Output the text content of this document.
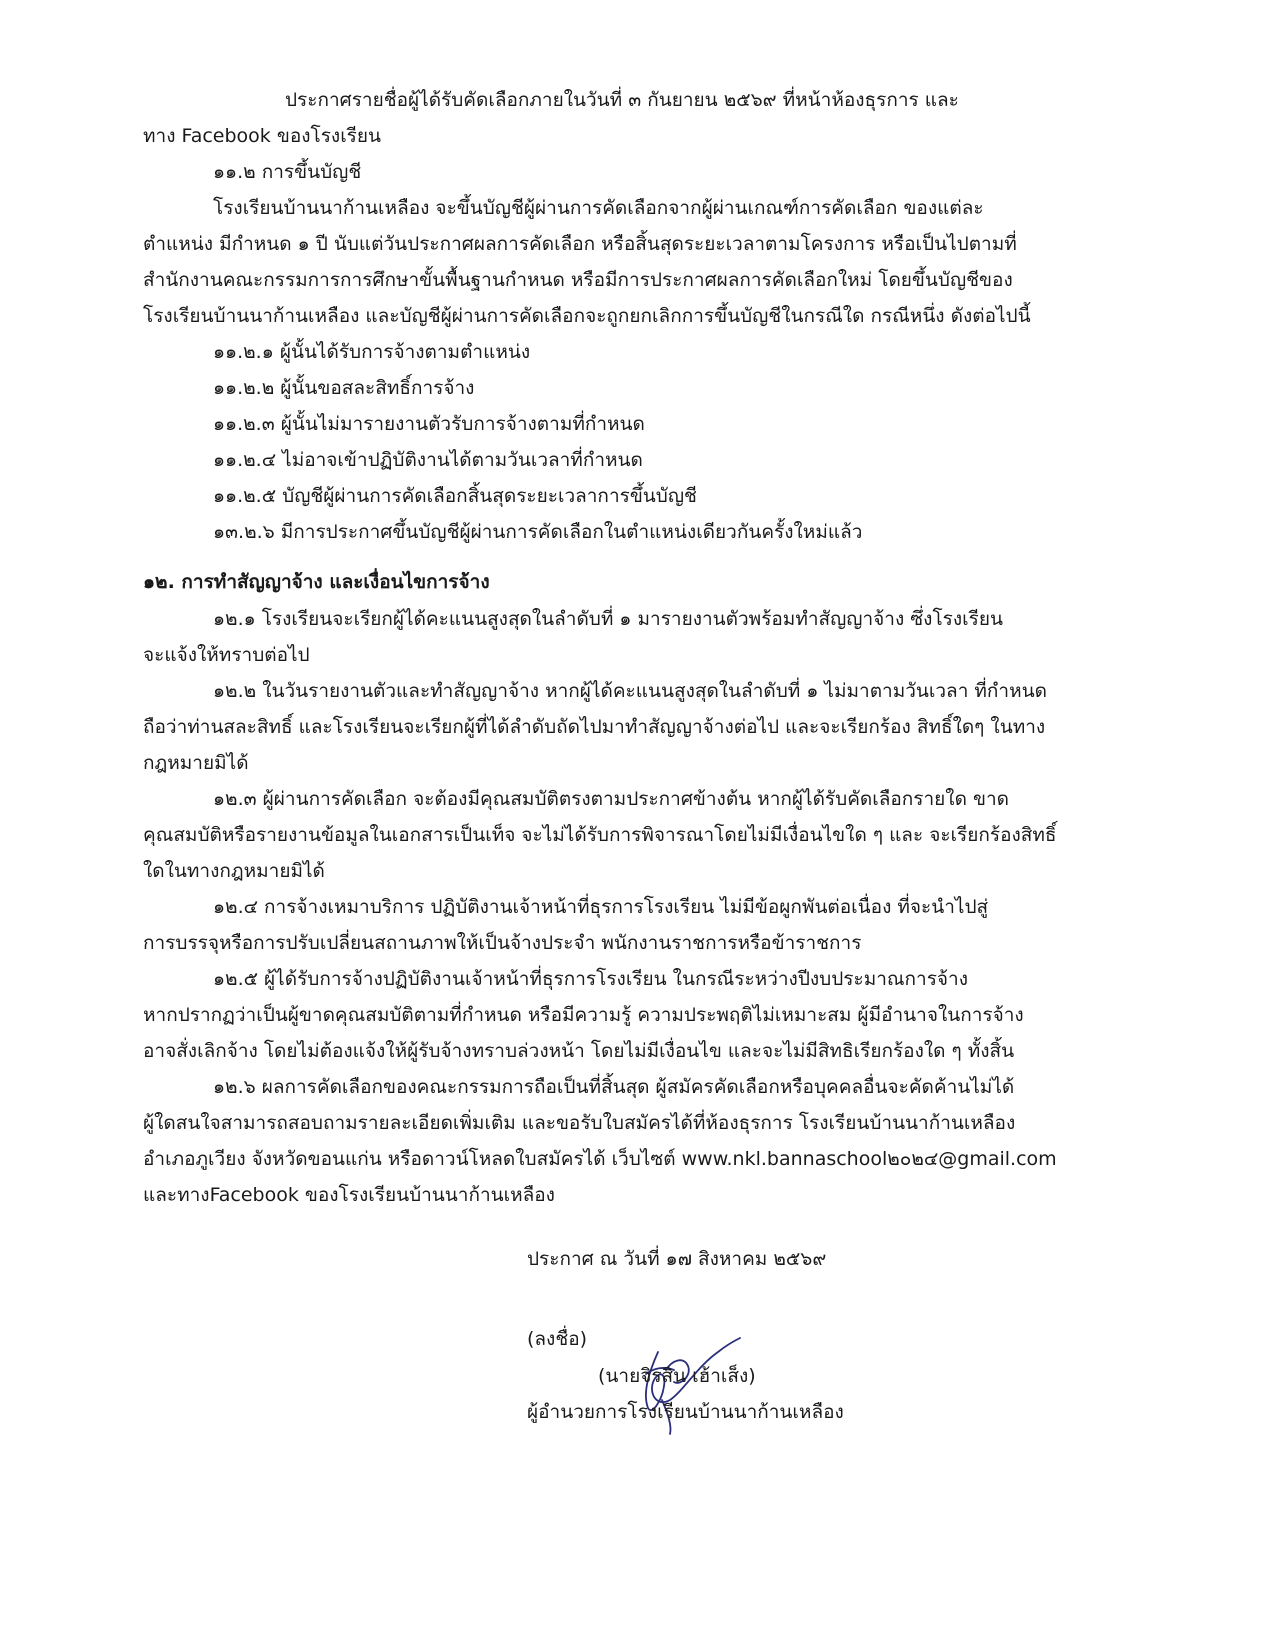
ประกาศรายชื่อผู้ได้รับคัดเลือกภายในวันที่ ๓ กันยายน ๒๕๖๙ ที่หน้าห้องธุรการ และ
ทาง Facebook ของโรงเรียน
๑๑.๒ การขึ้นบัญชี
โรงเรียนบ้านนาก้านเหลือง จะขึ้นบัญชีผู้ผ่านการคัดเลือกจากผู้ผ่านเกณฑ์การคัดเลือก ของแต่ละ
ตำแหน่ง มีกำหนด ๑ ปี นับแต่วันประกาศผลการคัดเลือก หรือสิ้นสุดระยะเวลาตามโครงการ หรือเป็นไปตามที่
สำนักงานคณะกรรมการการศึกษาขั้นพื้นฐานกำหนด หรือมีการประกาศผลการคัดเลือกใหม่ โดยขึ้นบัญชีของ
โรงเรียนบ้านนาก้านเหลือง และบัญชีผู้ผ่านการคัดเลือกจะถูกยกเลิกการขึ้นบัญชีในกรณีใด กรณีหนึ่ง ดังต่อไปนี้
๑๑.๒.๑ ผู้นั้นได้รับการจ้างตามตำแหน่ง
๑๑.๒.๒ ผู้นั้นขอสละสิทธิ์การจ้าง
๑๑.๒.๓ ผู้นั้นไม่มารายงานตัวรับการจ้างตามที่กำหนด
๑๑.๒.๔ ไม่อาจเข้าปฏิบัติงานได้ตามวันเวลาที่กำหนด
๑๑.๒.๕ บัญชีผู้ผ่านการคัดเลือกสิ้นสุดระยะเวลาการขึ้นบัญชี
๑๓.๒.๖ มีการประกาศขึ้นบัญชีผู้ผ่านการคัดเลือกในตำแหน่งเดียวกันครั้งใหม่แล้ว
๑๒. การทำสัญญาจ้าง และเงื่อนไขการจ้าง
๑๒.๑ โรงเรียนจะเรียกผู้ได้คะแนนสูงสุดในลำดับที่ ๑ มารายงานตัวพร้อมทำสัญญาจ้าง ซึ่งโรงเรียน
จะแจ้งให้ทราบต่อไป
๑๒.๒ ในวันรายงานตัวและทำสัญญาจ้าง หากผู้ได้คะแนนสูงสุดในลำดับที่ ๑ ไม่มาตามวันเวลา ที่กำหนด
ถือว่าท่านสละสิทธิ์ และโรงเรียนจะเรียกผู้ที่ได้ลำดับถัดไปมาทำสัญญาจ้างต่อไป และจะเรียกร้อง สิทธิ์ใดๆ ในทาง
กฎหมายมิได้
๑๒.๓ ผู้ผ่านการคัดเลือก จะต้องมีคุณสมบัติตรงตามประกาศข้างต้น หากผู้ได้รับคัดเลือกรายใด ขาด
คุณสมบัติหรือรายงานข้อมูลในเอกสารเป็นเท็จ จะไม่ได้รับการพิจารณาโดยไม่มีเงื่อนไขใด ๆ และ จะเรียกร้องสิทธิ์
ใดในทางกฎหมายมิได้
๑๒.๔ การจ้างเหมาบริการ ปฏิบัติงานเจ้าหน้าที่ธุรการโรงเรียน ไม่มีข้อผูกพันต่อเนื่อง ที่จะนำไปสู่
การบรรจุหรือการปรับเปลี่ยนสถานภาพให้เป็นจ้างประจำ พนักงานราชการหรือข้าราชการ
๑๒.๕ ผู้ได้รับการจ้างปฏิบัติงานเจ้าหน้าที่ธุรการโรงเรียน ในกรณีระหว่างปีงบประมาณการจ้าง
หากปรากฏว่าเป็นผู้ขาดคุณสมบัติตามที่กำหนด หรือมีความรู้ ความประพฤติไม่เหมาะสม ผู้มีอำนาจในการจ้าง
อาจสั่งเลิกจ้าง โดยไม่ต้องแจ้งให้ผู้รับจ้างทราบล่วงหน้า โดยไม่มีเงื่อนไข และจะไม่มีสิทธิเรียกร้องใด ๆ ทั้งสิ้น
๑๒.๖ ผลการคัดเลือกของคณะกรรมการถือเป็นที่สิ้นสุด ผู้สมัครคัดเลือกหรือบุคคลอื่นจะคัดค้านไม่ได้
ผู้ใดสนใจสามารถสอบถามรายละเอียดเพิ่มเติม และขอรับใบสมัครได้ที่ห้องธุรการ โรงเรียนบ้านนาก้านเหลือง
อำเภอภูเวียง จังหวัดขอนแก่น หรือดาวน์โหลดใบสมัครได้ เว็บไซต์ www.nkl.bannaschool๒๐๒๔@gmail.com
และทางFacebook ของโรงเรียนบ้านนาก้านเหลือง
ประกาศ ณ วันที่ ๑๗ สิงหาคม ๒๕๖๙
(ลงชื่อ)
(นายจิรสิน เฮ้าเส็ง)
ผู้อำนวยการโรงเรียนบ้านนาก้านเหลือง
